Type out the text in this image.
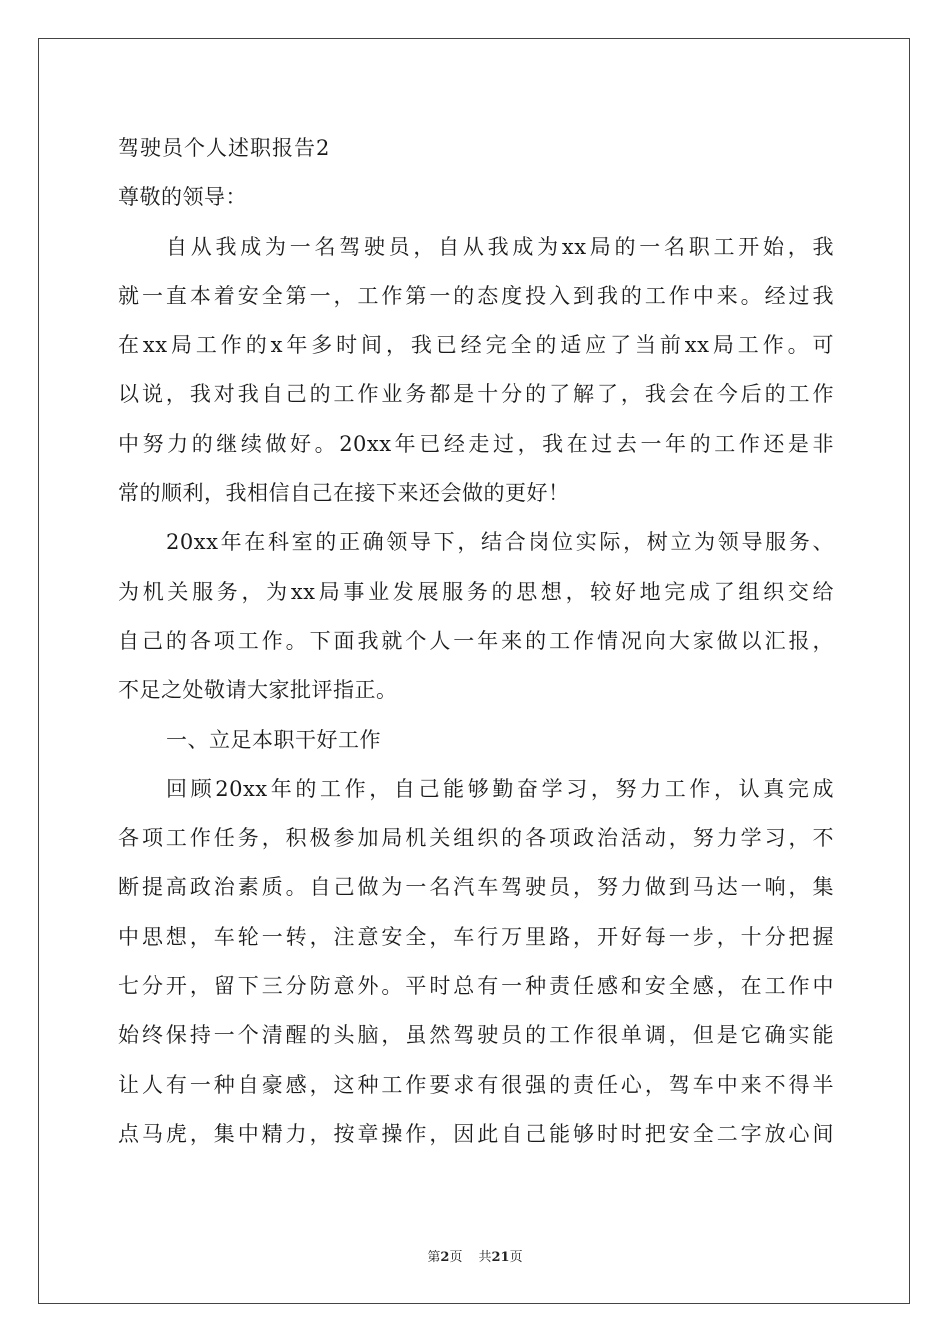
驾驶员个人述职报告2
尊敬的领导：
自从我成为一名驾驶员，自从我成为xx局的一名职工开始，我
就一直本着安全第一，工作第一的态度投入到我的工作中来。经过我
在xx局工作的x年多时间，我已经完全的适应了当前xx局工作。可
以说，我对我自己的工作业务都是十分的了解了，我会在今后的工作
中努力的继续做好。20xx年已经走过，我在过去一年的工作还是非
常的顺利，我相信自己在接下来还会做的更好！
20xx年在科室的正确领导下，结合岗位实际，树立为领导服务、
为机关服务，为xx局事业发展服务的思想，较好地完成了组织交给
自己的各项工作。下面我就个人一年来的工作情况向大家做以汇报，
不足之处敬请大家批评指正。
一、立足本职干好工作
回顾20xx年的工作，自己能够勤奋学习，努力工作，认真完成
各项工作任务，积极参加局机关组织的各项政治活动，努力学习，不
断提高政治素质。自己做为一名汽车驾驶员，努力做到马达一响，集
中思想，车轮一转，注意安全，车行万里路，开好每一步，十分把握
七分开，留下三分防意外。平时总有一种责任感和安全感，在工作中
始终保持一个清醒的头脑，虽然驾驶员的工作很单调，但是它确实能
让人有一种自豪感，这种工作要求有很强的责任心，驾车中来不得半
点马虎，集中精力，按章操作，因此自己能够时时把安全二字放心间
第2页 共21页
